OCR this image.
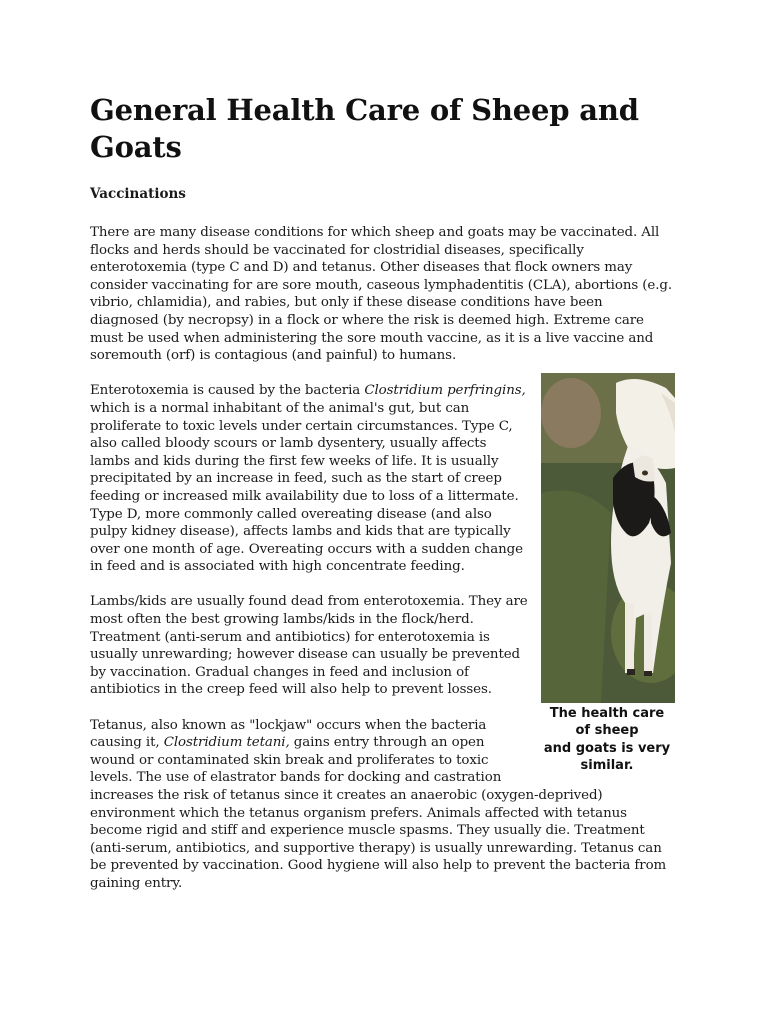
General Health Care of Sheep and Goats
Vaccinations

There are many disease conditions for which sheep and goats may be vaccinated. All flocks and herds should be vaccinated for clostridial diseases, specifically enterotoxemia (type C and D) and tetanus. Other diseases that flock owners may consider vaccinating for are sore mouth, caseous lymphadentitis (CLA), abortions (e.g. vibrio, chlamidia), and rabies, but only if these disease conditions have been diagnosed (by necropsy) in a flock or where the risk is deemed high. Extreme care must be used when administering the sore mouth vaccine, as it is a live vaccine and soremouth (orf) is contagious (and painful) to humans.

The health care
of sheep
and goats is very
similar.

Enterotoxemia is caused by the bacteria Clostridium perfringins, which is a normal inhabitant of the animal's gut, but can proliferate to toxic levels under certain circumstances. Type C, also called bloody scours or lamb dysentery, usually affects lambs and kids during the first few weeks of life. It is usually precipitated by an increase in feed, such as the start of creep feeding or increased milk availability due to loss of a littermate. Type D, more commonly called overeating disease (and also pulpy kidney disease), affects lambs and kids that are typically over one month of age. Overeating occurs with a sudden change in feed and is associated with high concentrate feeding.

Lambs/kids are usually found dead from enterotoxemia. They are most often the best growing lambs/kids in the flock/herd. Treatment (anti-serum and antibiotics) for enterotoxemia is usually unrewarding; however disease can usually be prevented by vaccination. Gradual changes in feed and inclusion of antibiotics in the creep feed will also help to prevent losses.

Tetanus, also known as "lockjaw" occurs when the bacteria causing it, Clostridium tetani, gains entry through an open wound or contaminated skin break and proliferates to toxic levels. The use of elastrator bands for docking and castration increases the risk of tetanus since it creates an anaerobic (oxygen-deprived) environment which the tetanus organism prefers. Animals affected with tetanus become rigid and stiff and experience muscle spasms. They usually die. Treatment (anti-serum, antibiotics, and supportive therapy) is usually unrewarding. Tetanus can be prevented by vaccination. Good hygiene will also help to prevent the bacteria from gaining entry.
